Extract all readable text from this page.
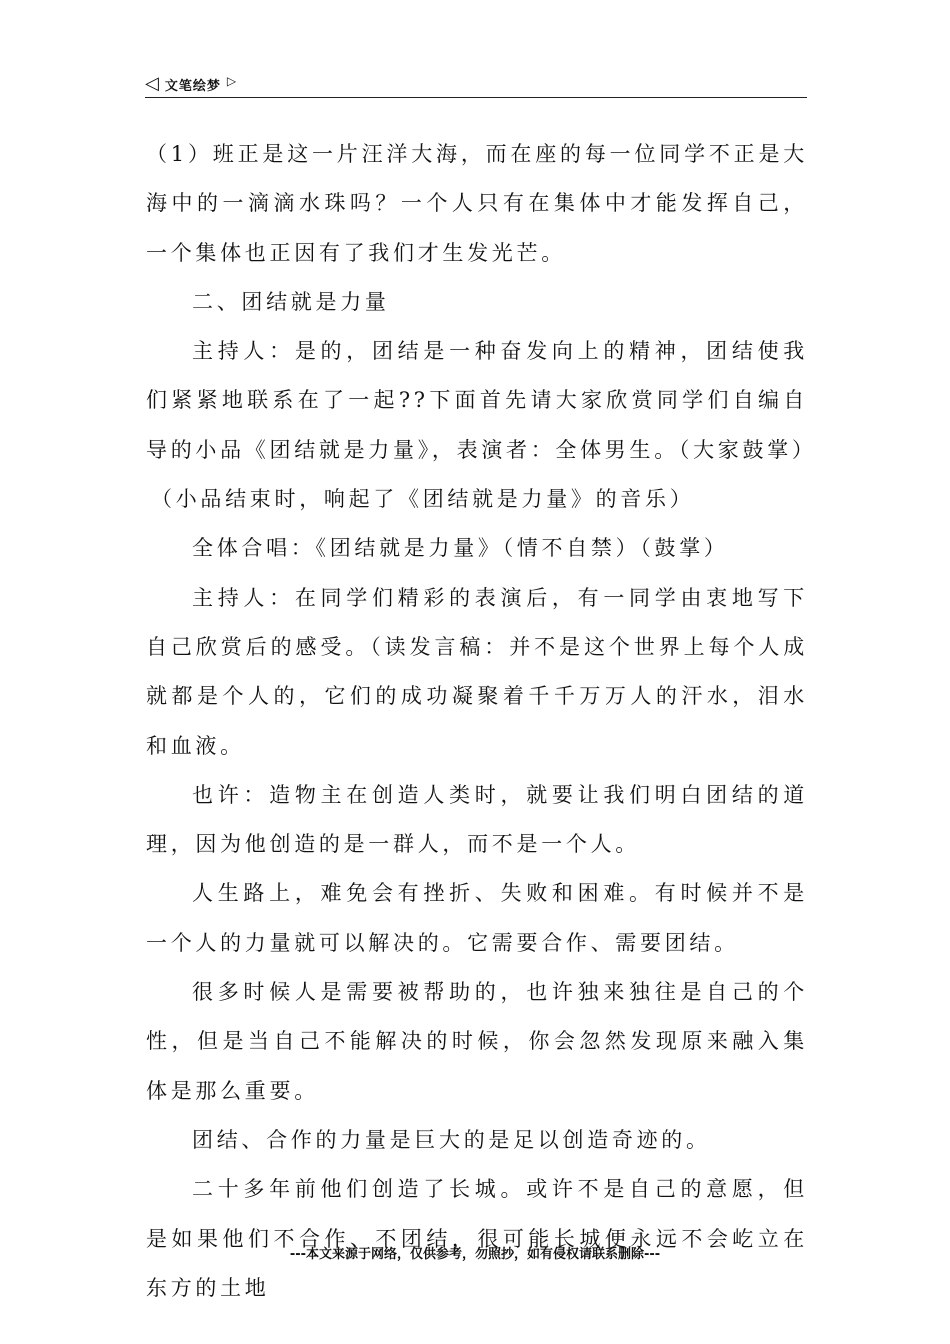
◁ 文笔绘梦 ▷

（1）班正是这一片汪洋大海，而在座的每一位同学不正是大海中的一滴滴水珠吗？一个人只有在集体中才能发挥自己，一个集体也正因有了我们才生发光芒。

二、团结就是力量

主持人：是的，团结是一种奋发向上的精神，团结使我们紧紧地联系在了一起??下面首先请大家欣赏同学们自编自导的小品《团结就是力量》，表演者：全体男生。（大家鼓掌）

（小品结束时，响起了《团结就是力量》的音乐）

全体合唱：《团结就是力量》（情不自禁）（鼓掌）

主持人：在同学们精彩的表演后，有一同学由衷地写下自己欣赏后的感受。（读发言稿：并不是这个世界上每个人成就都是个人的，它们的成功凝聚着千千万万人的汗水，泪水和血液。

也许：造物主在创造人类时，就要让我们明白团结的道理，因为他创造的是一群人，而不是一个人。

人生路上，难免会有挫折、失败和困难。有时候并不是一个人的力量就可以解决的。它需要合作、需要团结。

很多时候人是需要被帮助的，也许独来独往是自己的个性，但是当自己不能解决的时候，你会忽然发现原来融入集体是那么重要。

团结、合作的力量是巨大的是足以创造奇迹的。

二十多年前他们创造了长城。或许不是自己的意愿，但是如果他们不合作、不团结，很可能长城便永远不会屹立在东方的土地

---本文来源于网络，仅供参考，勿照抄，如有侵权请联系删除---
